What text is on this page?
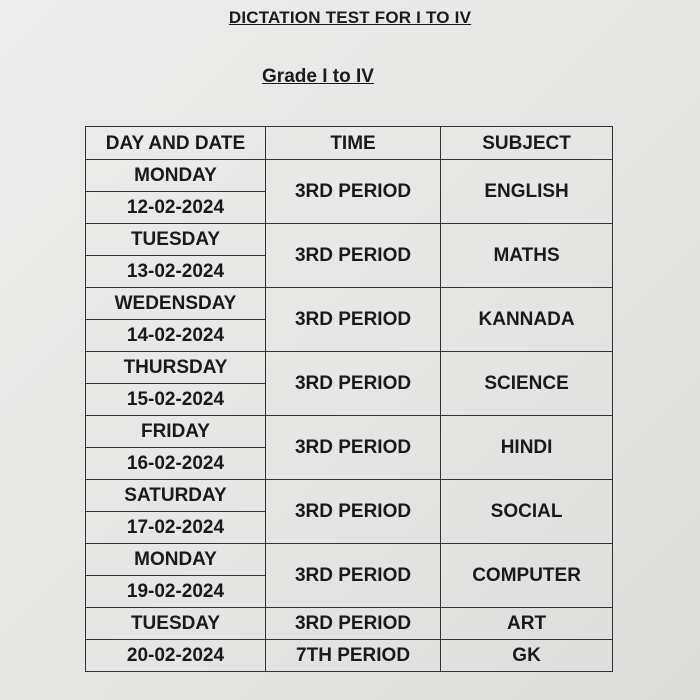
DICTATION TEST FOR I TO IV
Grade I to IV
DAY AND DATE	TIME	SUBJECT
MONDAY	3RD PERIOD	ENGLISH
12-02-2024		
TUESDAY	3RD PERIOD	MATHS
13-02-2024		
WEDENSDAY	3RD PERIOD	KANNADA
14-02-2024		
THURSDAY	3RD PERIOD	SCIENCE
15-02-2024		
FRIDAY	3RD PERIOD	HINDI
16-02-2024		
SATURDAY	3RD PERIOD	SOCIAL
17-02-2024		
MONDAY	3RD PERIOD	COMPUTER
19-02-2024		
TUESDAY	3RD PERIOD	ART
20-02-2024	7TH PERIOD	GK
